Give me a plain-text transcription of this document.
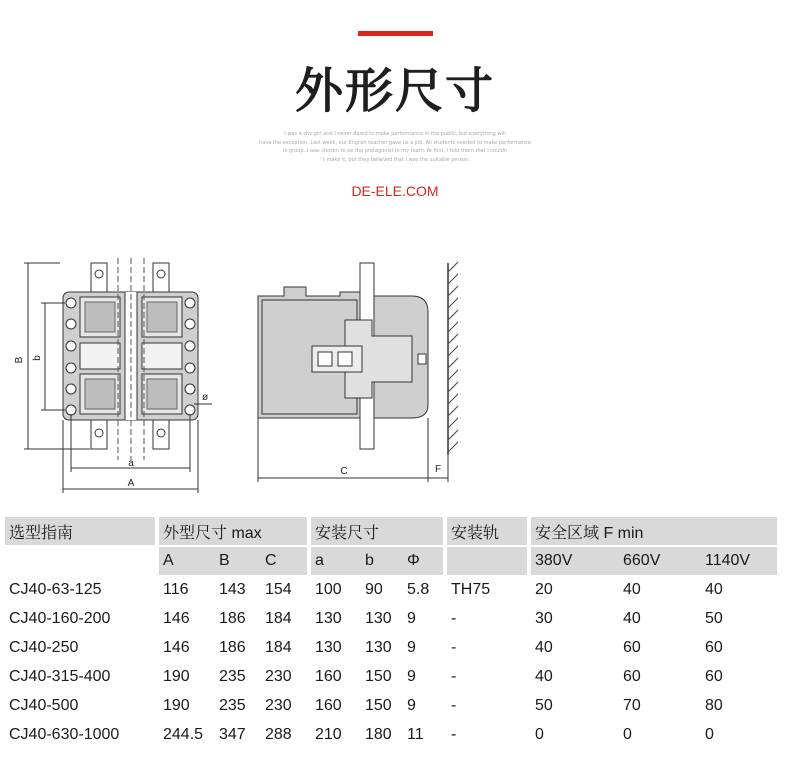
外形尺寸
I was a shy girl and I never dared to make performance in the public, but everything will
have the exception. Last week, our English teacher gave us a job. All students needed to make performance
in group. I was chosen to be the protagonist in my team. At first, I told them that I couldn
' t make it, but they believed that I was the suitable person.
DE-ELE.COM
B b
a
A
ø
C	F
选型指南		外型尺寸 max				安装尺寸				安装轨		安全区域 F min		

		A	B	C		a	b	Φ				380V	660V	1140V
CJ40-63-125		116	143	154		100	90	5.8		TH75		20	40	40
CJ40-160-200		146	186	184		130	130	9		-		30	40	50
CJ40-250		146	186	184		130	130	9		-		40	60	60
CJ40-315-400		190	235	230		160	150	9		-		40	60	60
CJ40-500		190	235	230		160	150	9		-		50	70	80
CJ40-630-1000		244.5	347	288		210	180	11		-		0	0	0
